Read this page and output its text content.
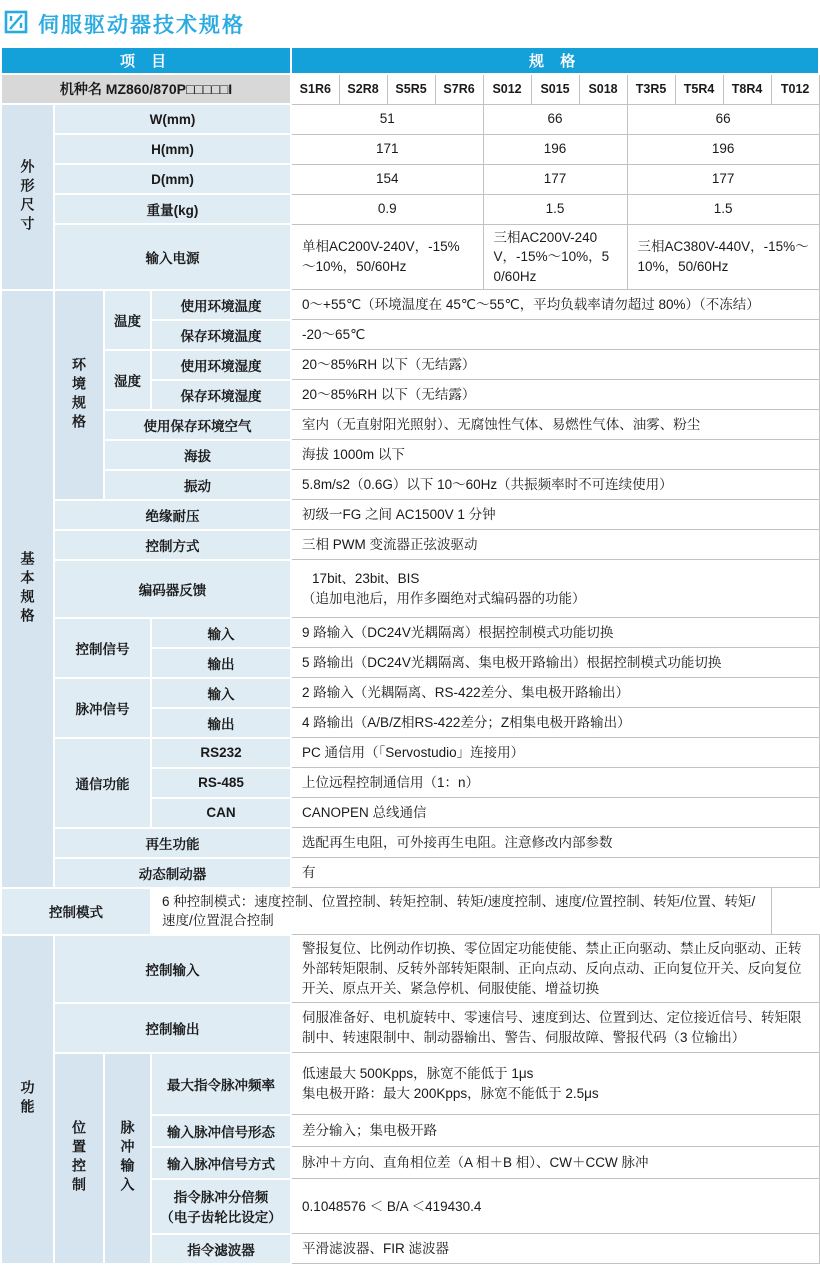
伺服驱动器技术规格
项 目				规 格										
机种名 MZ860/870P□□□□□I				S1R6	S2R8	S5R5	S7R6	S012	S015	S018	T3R5	T5R4	T8R4	T012
外形尺寸	W(mm)			51				66			66			
	H(mm)			171				196			196			
	D(mm)			154				177			177			
	重量(kg)			0.9				1.5			1.5			
	输入电源			单相AC200V-240V，-15%～10%，50/60Hz				三相AC200V-240V，-15%～10%，50/60Hz			三相AC380V-440V，-15%～10%，50/60Hz			
基本规格	环境规格	温度	使用环境温度	0～+55℃（环境温度在 45℃～55℃，平均负载率请勿超过 80%）（不冻结）										
			保存环境温度	-20～65℃										
		湿度	使用环境湿度	20～85%RH 以下（无结露）										
			保存环境湿度	20～85%RH 以下（无结露）										
		使用保存环境空气		室内（无直射阳光照射）、无腐蚀性气体、易燃性气体、油雾、粉尘										
		海拔		海拔 1000m 以下										
		振动		5.8m/s2（0.6G）以下 10～60Hz（共振频率时不可连续使用）										
	绝缘耐压			初级一FG 之间 AC1500V 1 分钟										
	控制方式			三相 PWM 变流器正弦波驱动										
	编码器反馈			17bit、23bit、BIS
（追加电池后，用作多圈绝对式编码器的功能）										

	控制信号		输入	9 路输入（DC24V光耦隔离）根据控制模式功能切换										
			输出	5 路输出（DC24V光耦隔离、集电极开路输出）根据控制模式功能切换										
	脉冲信号		输入	2 路输入（光耦隔离、RS-422差分、集电极开路输出）										
			输出	4 路输出（A/B/Z相RS-422差分；Z相集电极开路输出）										
	通信功能		RS232	PC 通信用（「Servostudio」连接用）										
			RS-485	上位远程控制通信用（1：n）										
			CAN	CANOPEN 总线通信										
	再生功能			选配再生电阻，可外接再生电阻。注意修改内部参数										
	动态制动器			有										
控制模式			6 种控制模式：速度控制、位置控制、转矩控制、转矩/速度控制、速度/位置控制、转矩/位置、转矩/速度/位置混合控制											
功能	控制输入			警报复位、比例动作切换、零位固定功能使能、禁止正向驱动、禁止反向驱动、正转外部转矩限制、反转外部转矩限制、正向点动、反向点动、正向复位开关、反向复位开关、原点开关、紧急停机、伺服使能、增益切换										
	控制输出			伺服准备好、电机旋转中、零速信号、速度到达、位置到达、定位接近信号、转矩限制中、转速限制中、制动器输出、警告、伺服故障、警报代码（3 位输出）										
	位置控制	脉冲输入	最大指令脉冲频率	低速最大 500Kpps，脉宽不能低于 1μs
集电极开路：最大 200Kpps，脉宽不能低于 2.5μs										

			输入脉冲信号形态	差分输入；集电极开路										
			输入脉冲信号方式	脉冲＋方向、直角相位差（A 相＋B 相）、CW＋CCW 脉冲										

			指令脉冲分倍频
（电子齿轮比设定）	0.1048576 ＜ B/A ＜419430.4										
			指令滤波器	平滑滤波器、FIR 滤波器										
